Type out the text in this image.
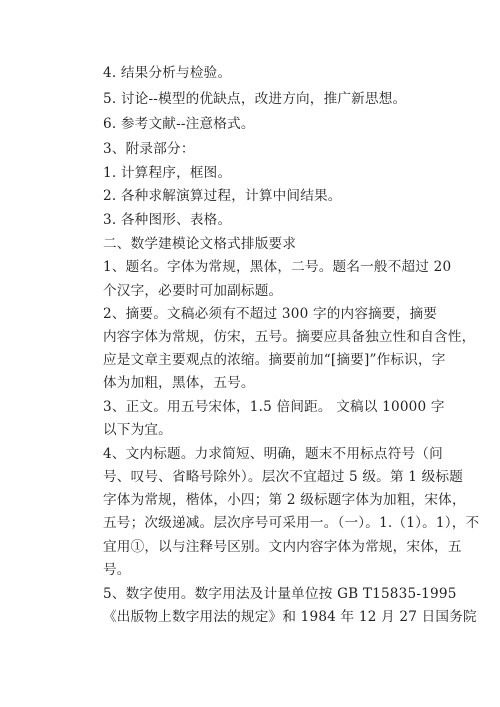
4. 结果分析与检验。
5. 讨论--模型的优缺点，改进方向，推广新思想。
6. 参考文献--注意格式。
3、附录部分：
1. 计算程序，框图。
2. 各种求解演算过程，计算中间结果。
3. 各种图形、表格。
二、数学建模论文格式排版要求
1、题名。字体为常规，黑体，二号。题名一般不超过 20
个汉字，必要时可加副标题。
2、摘要。文稿必须有不超过 300 字的内容摘要，摘要
内容字体为常规，仿宋，五号。摘要应具备独立性和自含性，
应是文章主要观点的浓缩。摘要前加“[摘要]”作标识，字
体为加粗，黑体，五号。
3、正文。用五号宋体，1.5 倍间距。 文稿以 10000 字
以下为宜。
4、文内标题。力求简短、明确，题末不用标点符号（问
号、叹号、省略号除外）。层次不宜超过 5 级。第 1 级标题
字体为常规，楷体，小四；第 2 级标题字体为加粗，宋体，
五号；次级递减。层次序号可采用一。（一）。1.（1）。1），不
宜用①，以与注释号区别。文内内容字体为常规，宋体，五
号。
5、数字使用。数字用法及计量单位按 GB T15835-1995
《出版物上数字用法的规定》和 1984 年 12 月 27 日国务院
